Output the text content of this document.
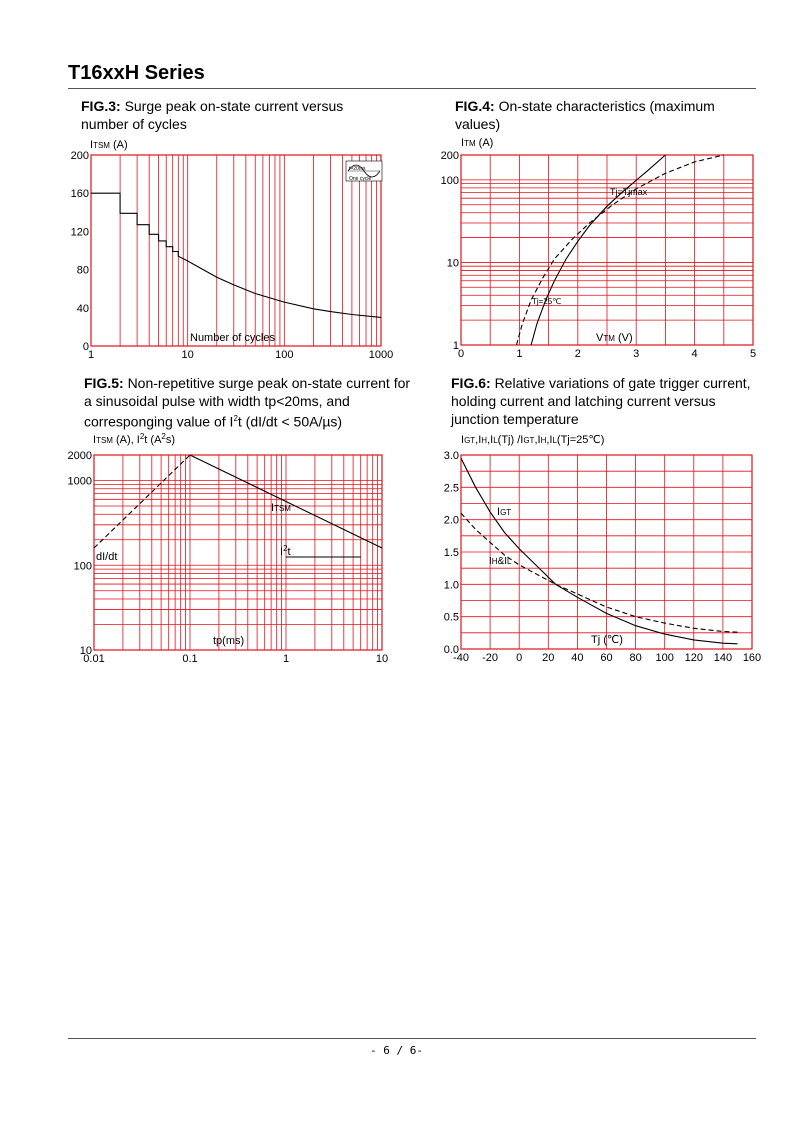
T16xxH Series
FIG.3: Surge peak on-state current versus number of cycles
FIG.4: On-state characteristics (maximum values)
FIG.5: Non-repetitive surge peak on-state current for a sinusoidal pulse with width tp<20ms, and corresponging value of $I^2t$ (dI/dt < 50A/µs)
FIG.6: Relative variations of gate trigger current, holding current and latching current versus junction temperature
ITSM (A)
1	10	100	1000
0
40
80
120
160
200
t=20ms
One cycle
Number of cycles
ITM (A)
0	1	2	3	4	5
1
10
100
200
Tj=Tjmax
Tj=25℃
VTM (V)
ITSM (A), $I^2t$ $(A^2s)$
0.01	0.1	1	10
10
100
1000
2000
dI/dt
ITSM
$I^2t$
tp(ms)
IGT,IH,IL(Tj) /IGT,IH,IL(Tj=25℃)
-40 -20 0 20 40 60 80 100 120 140 160
0.0
0.5
1.0
1.5
2.0
2.5
3.0
IGT
IH&IL
Tj (℃)
- 6 / 6-
